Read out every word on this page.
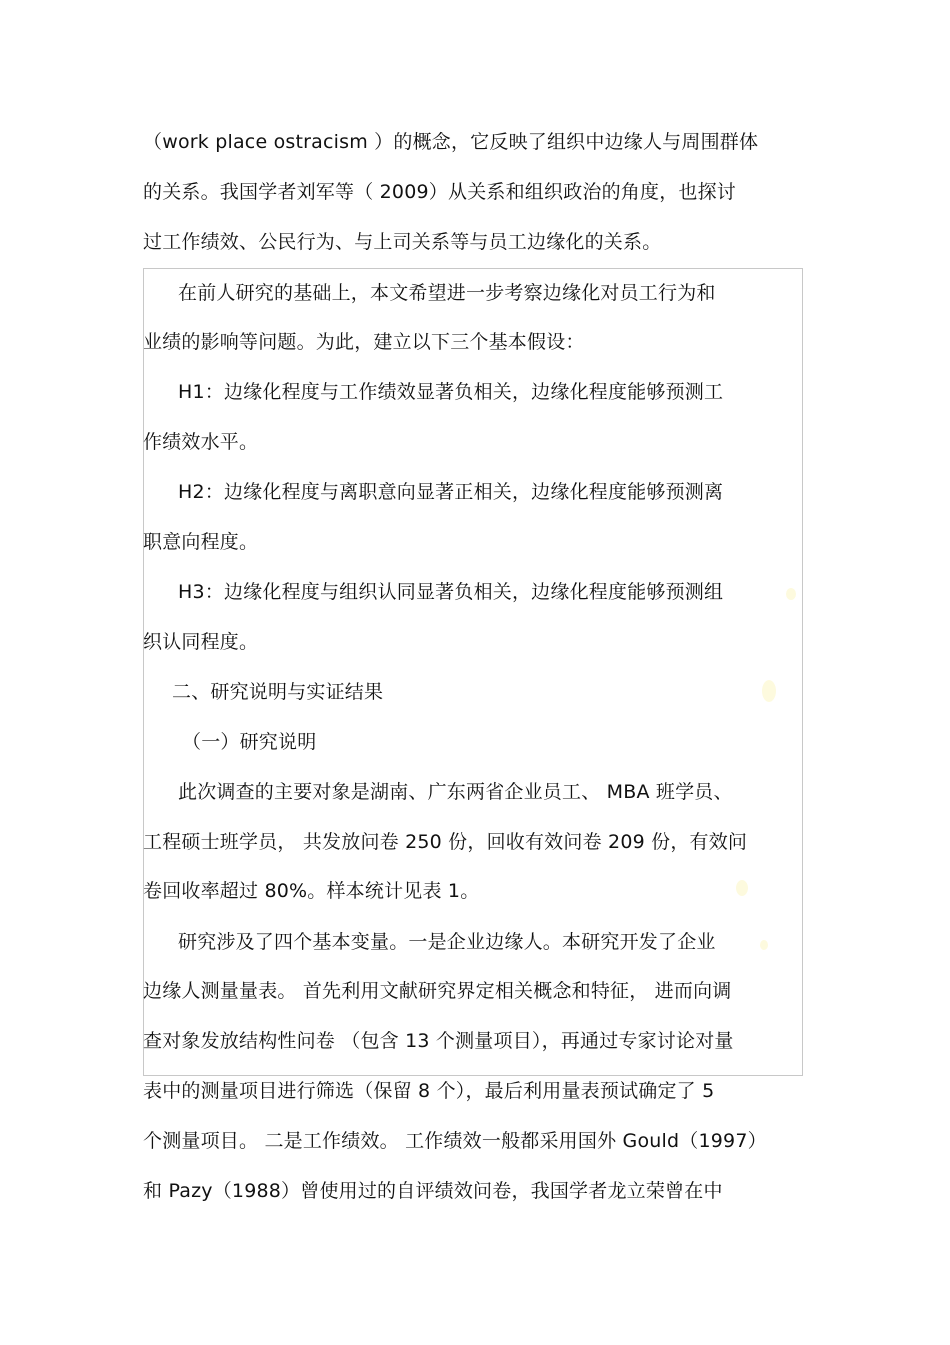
（work place ostracism ）的概念，它反映了组织中边缘人与周围群体
的关系。我国学者刘军等（ 2009）从关系和组织政治的角度，也探讨
过工作绩效、公民行为、与上司关系等与员工边缘化的关系。
在前人研究的基础上，本文希望进一步考察边缘化对员工行为和
业绩的影响等问题。为此，建立以下三个基本假设：
H1：边缘化程度与工作绩效显著负相关，边缘化程度能够预测工
作绩效水平。
H2：边缘化程度与离职意向显著正相关，边缘化程度能够预测离
职意向程度。
H3：边缘化程度与组织认同显著负相关，边缘化程度能够预测组
织认同程度。
二、研究说明与实证结果
（一）研究说明
此次调查的主要对象是湖南、广东两省企业员工、 MBA 班学员、
工程硕士班学员， 共发放问卷 250 份，回收有效问卷 209 份，有效问
卷回收率超过 80%。样本统计见表 1。
研究涉及了四个基本变量。一是企业边缘人。本研究开发了企业
边缘人测量量表。 首先利用文献研究界定相关概念和特征， 进而向调
查对象发放结构性问卷 （包含 13 个测量项目），再通过专家讨论对量
表中的测量项目进行筛选（保留 8 个），最后利用量表预试确定了 5
个测量项目。 二是工作绩效。 工作绩效一般都采用国外 Gould（1997）
和 Pazy（1988）曾使用过的自评绩效问卷，我国学者龙立荣曾在中
